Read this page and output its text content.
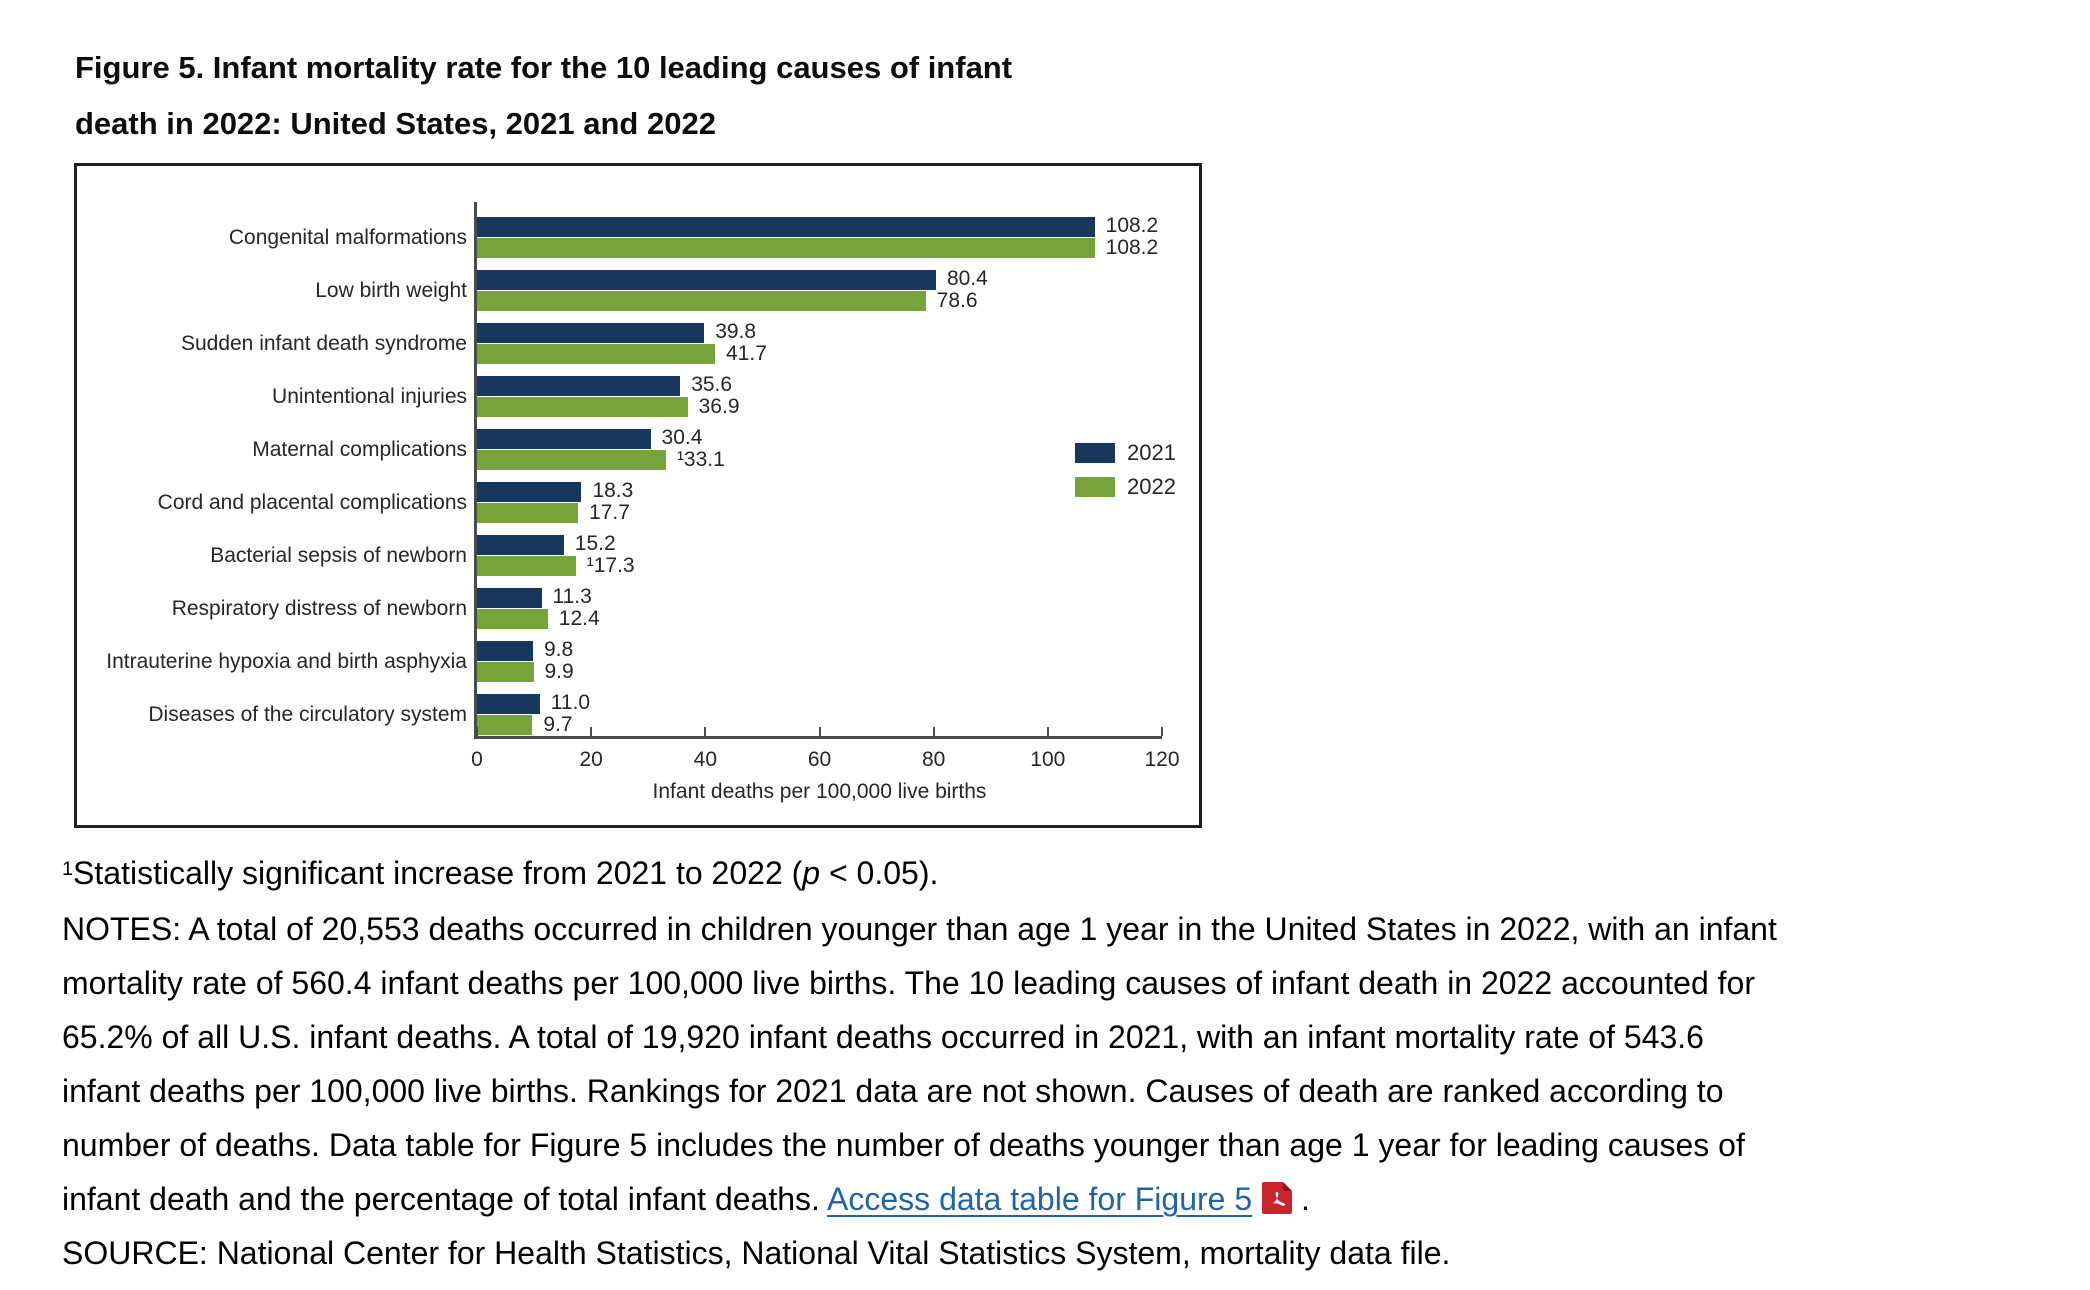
Figure 5. Infant mortality rate for the 10 leading causes of infant
death in 2022: United States, 2021 and 2022
Congenital malformations
108.2
108.2
Low birth weight
80.4
78.6
Sudden infant death syndrome
39.8
41.7
Unintentional injuries
35.6
36.9
Maternal complications
30.4
¹33.1
Cord and placental complications
18.3
17.7
Bacterial sepsis of newborn
15.2
¹17.3
Respiratory distress of newborn
11.3
12.4
Intrauterine hypoxia and birth asphyxia
9.8
9.9
Diseases of the circulatory system
11.0
9.7
0	20	40	60	80	100	120
Infant deaths per 100,000 live births
2021
2022
$^1$Statistically significant increase from 2021 to 2022 (p < 0.05).
NOTES: A total of 20,553 deaths occurred in children younger than age 1 year in the United States in 2022, with an infant
mortality rate of 560.4 infant deaths per 100,000 live births. The 10 leading causes of infant death in 2022 accounted for
65.2% of all U.S. infant deaths. A total of 19,920 infant deaths occurred in 2021, with an infant mortality rate of 543.6
infant deaths per 100,000 live births. Rankings for 2021 data are not shown. Causes of death are ranked according to
number of deaths. Data table for Figure 5 includes the number of deaths younger than age 1 year for leading causes of
infant death and the percentage of total infant deaths. Access data table for Figure 5 .
SOURCE: National Center for Health Statistics, National Vital Statistics System, mortality data file.
